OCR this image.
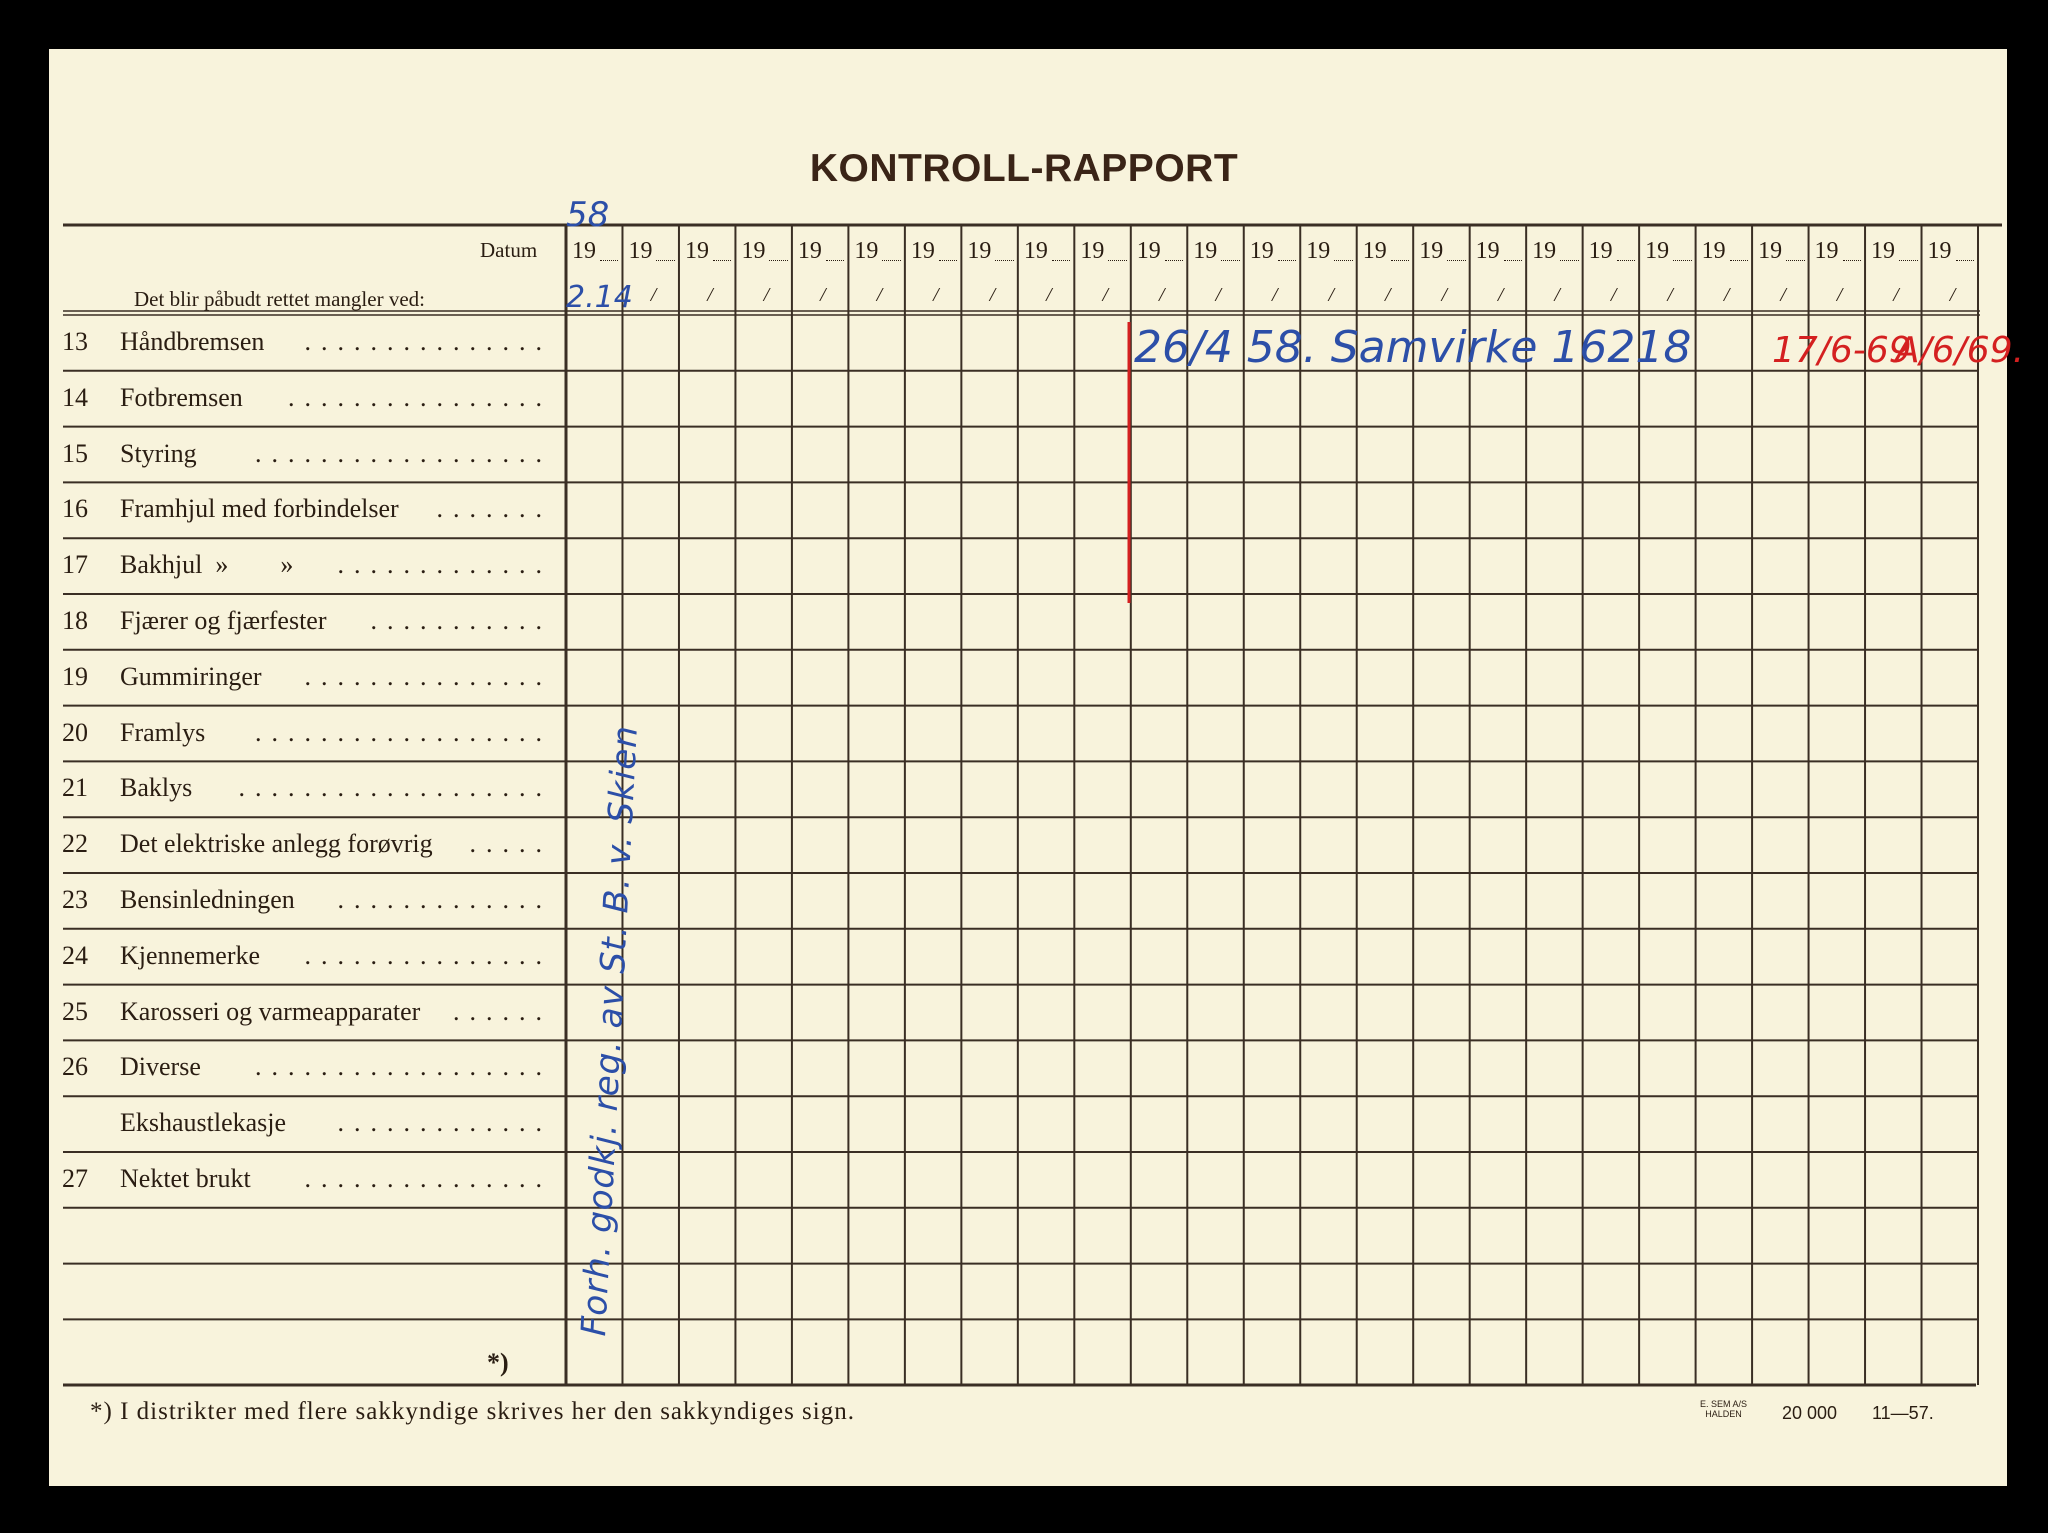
KONTROLL-RAPPORT
Datum
Det blir påbudt rettet mangler ved:
13 Håndbremsen ...............
14 Fotbremsen ................
15 Styring ..................
16 Framhjul med forbindelser .......
17 Bakhjul  »        » .............
18 Fjærer og fjærfester ...........
19 Gummiringer ...............
20 Framlys ..................
21 Baklys ...................
22 Det elektriske anlegg forøvrig .....
23 Bensinledningen .............
24 Kjennemerke ...............
25 Karosseri og varmeapparater ......
26 Diverse ..................
Ekshaustlekasje .............
27 Nektet brukt ...............
19 19
/
19
/
19
/
19
/
19
/
19
/
19
/
19
/
19
/
19
/
19
/
19
/
19
/
19
/
19
/
19
/
19
/
19
/
19
/
19
/
19
/
19
/
19
/
19
/
*)
*) I distrikter med flere sakkyndige skrives her den sakkyndiges sign.	E. SEM A/S
HALDEN 20 000 11—57.
58
2.14
Forh. godkj. reg. av St. B. v. Skien
26/4 58. Samvirke 16218 17/6-69
A/6/69.
